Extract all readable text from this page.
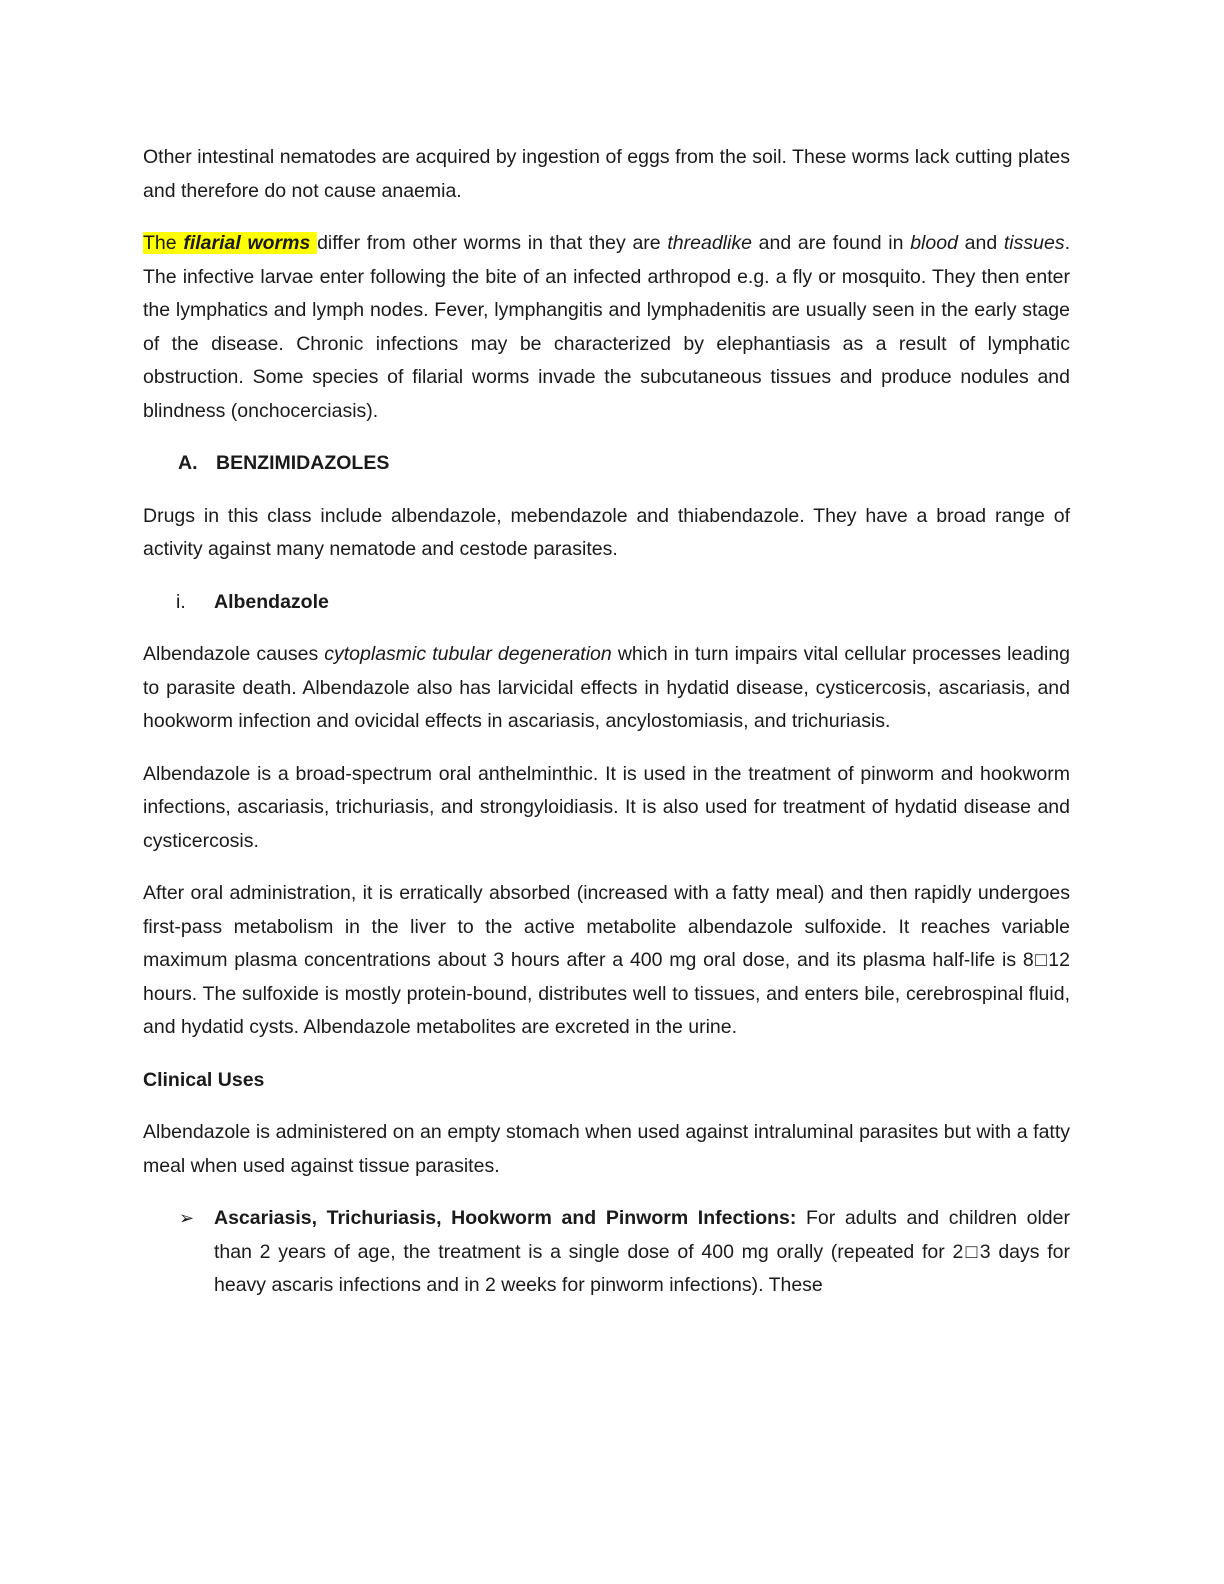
Other intestinal nematodes are acquired by ingestion of eggs from the soil. These worms lack cutting plates and therefore do not cause anaemia.

The filarial worms differ from other worms in that they are threadlike and are found in blood and tissues. The infective larvae enter following the bite of an infected arthropod e.g. a fly or mosquito. They then enter the lymphatics and lymph nodes. Fever, lymphangitis and lymphadenitis are usually seen in the early stage of the disease. Chronic infections may be characterized by elephantiasis as a result of lymphatic obstruction. Some species of filarial worms invade the subcutaneous tissues and produce nodules and blindness (onchocerciasis).

A. BENZIMIDAZOLES

Drugs in this class include albendazole, mebendazole and thiabendazole. They have a broad range of activity against many nematode and cestode parasites.

i. Albendazole

Albendazole causes cytoplasmic tubular degeneration which in turn impairs vital cellular processes leading to parasite death. Albendazole also has larvicidal effects in hydatid disease, cysticercosis, ascariasis, and hookworm infection and ovicidal effects in ascariasis, ancylostomiasis, and trichuriasis.

Albendazole is a broad-spectrum oral anthelminthic. It is used in the treatment of pinworm and hookworm infections, ascariasis, trichuriasis, and strongyloidiasis. It is also used for treatment of hydatid disease and cysticercosis.

After oral administration, it is erratically absorbed (increased with a fatty meal) and then rapidly undergoes first-pass metabolism in the liver to the active metabolite albendazole sulfoxide. It reaches variable maximum plasma concentrations about 3 hours after a 400 mg oral dose, and its plasma half-life is 8□12 hours. The sulfoxide is mostly protein-bound, distributes well to tissues, and enters bile, cerebrospinal fluid, and hydatid cysts. Albendazole metabolites are excreted in the urine.

Clinical Uses

Albendazole is administered on an empty stomach when used against intraluminal parasites but with a fatty meal when used against tissue parasites.

➢ Ascariasis, Trichuriasis, Hookworm and Pinworm Infections: For adults and children older than 2 years of age, the treatment is a single dose of 400 mg orally (repeated for 2□3 days for heavy ascaris infections and in 2 weeks for pinworm infections). These
